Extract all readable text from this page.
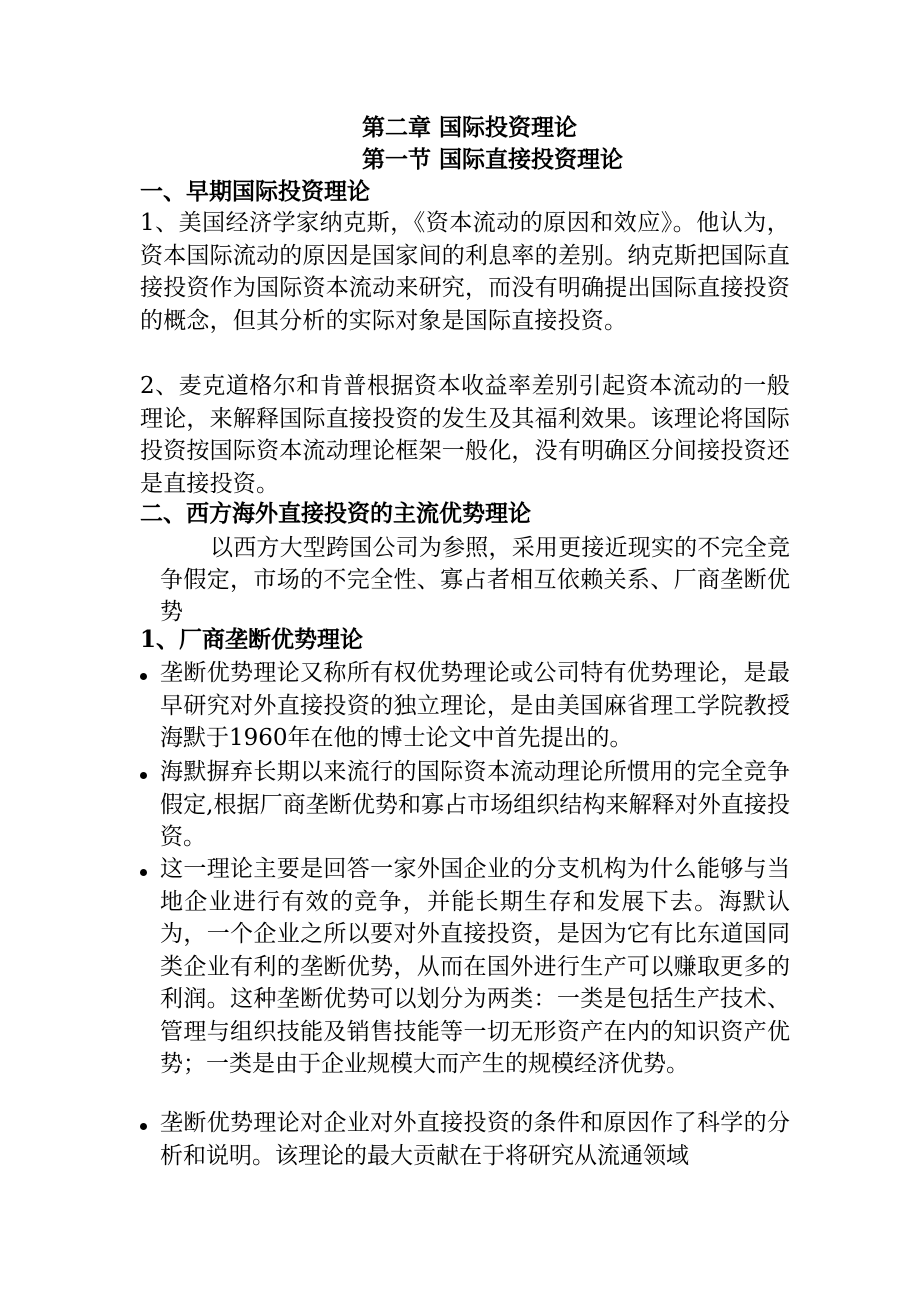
第二章 国际投资理论
第一节 国际直接投资理论
一、早期国际投资理论
1、美国经济学家纳克斯，《资本流动的原因和效应》。他认为，资本国际流动的原因是国家间的利息率的差别。纳克斯把国际直接投资作为国际资本流动来研究，而没有明确提出国际直接投资的概念，但其分析的实际对象是国际直接投资。
2、麦克道格尔和肯普根据资本收益率差别引起资本流动的一般理论，来解释国际直接投资的发生及其福利效果。该理论将国际投资按国际资本流动理论框架一般化，没有明确区分间接投资还是直接投资。
二、西方海外直接投资的主流优势理论
以西方大型跨国公司为参照，采用更接近现实的不完全竞争假定，市场的不完全性、寡占者相互依赖关系、厂商垄断优势
1、厂商垄断优势理论
垄断优势理论又称所有权优势理论或公司特有优势理论，是最早研究对外直接投资的独立理论，是由美国麻省理工学院教授海默于1960年在他的博士论文中首先提出的。
海默摒弃长期以来流行的国际资本流动理论所惯用的完全竞争假定,根据厂商垄断优势和寡占市场组织结构来解释对外直接投资。
这一理论主要是回答一家外国企业的分支机构为什么能够与当地企业进行有效的竞争，并能长期生存和发展下去。海默认为，一个企业之所以要对外直接投资，是因为它有比东道国同类企业有利的垄断优势，从而在国外进行生产可以赚取更多的利润。这种垄断优势可以划分为两类：一类是包括生产技术、管理与组织技能及销售技能等一切无形资产在内的知识资产优势；一类是由于企业规模大而产生的规模经济优势。
垄断优势理论对企业对外直接投资的条件和原因作了科学的分析和说明。该理论的最大贡献在于将研究从流通领域
